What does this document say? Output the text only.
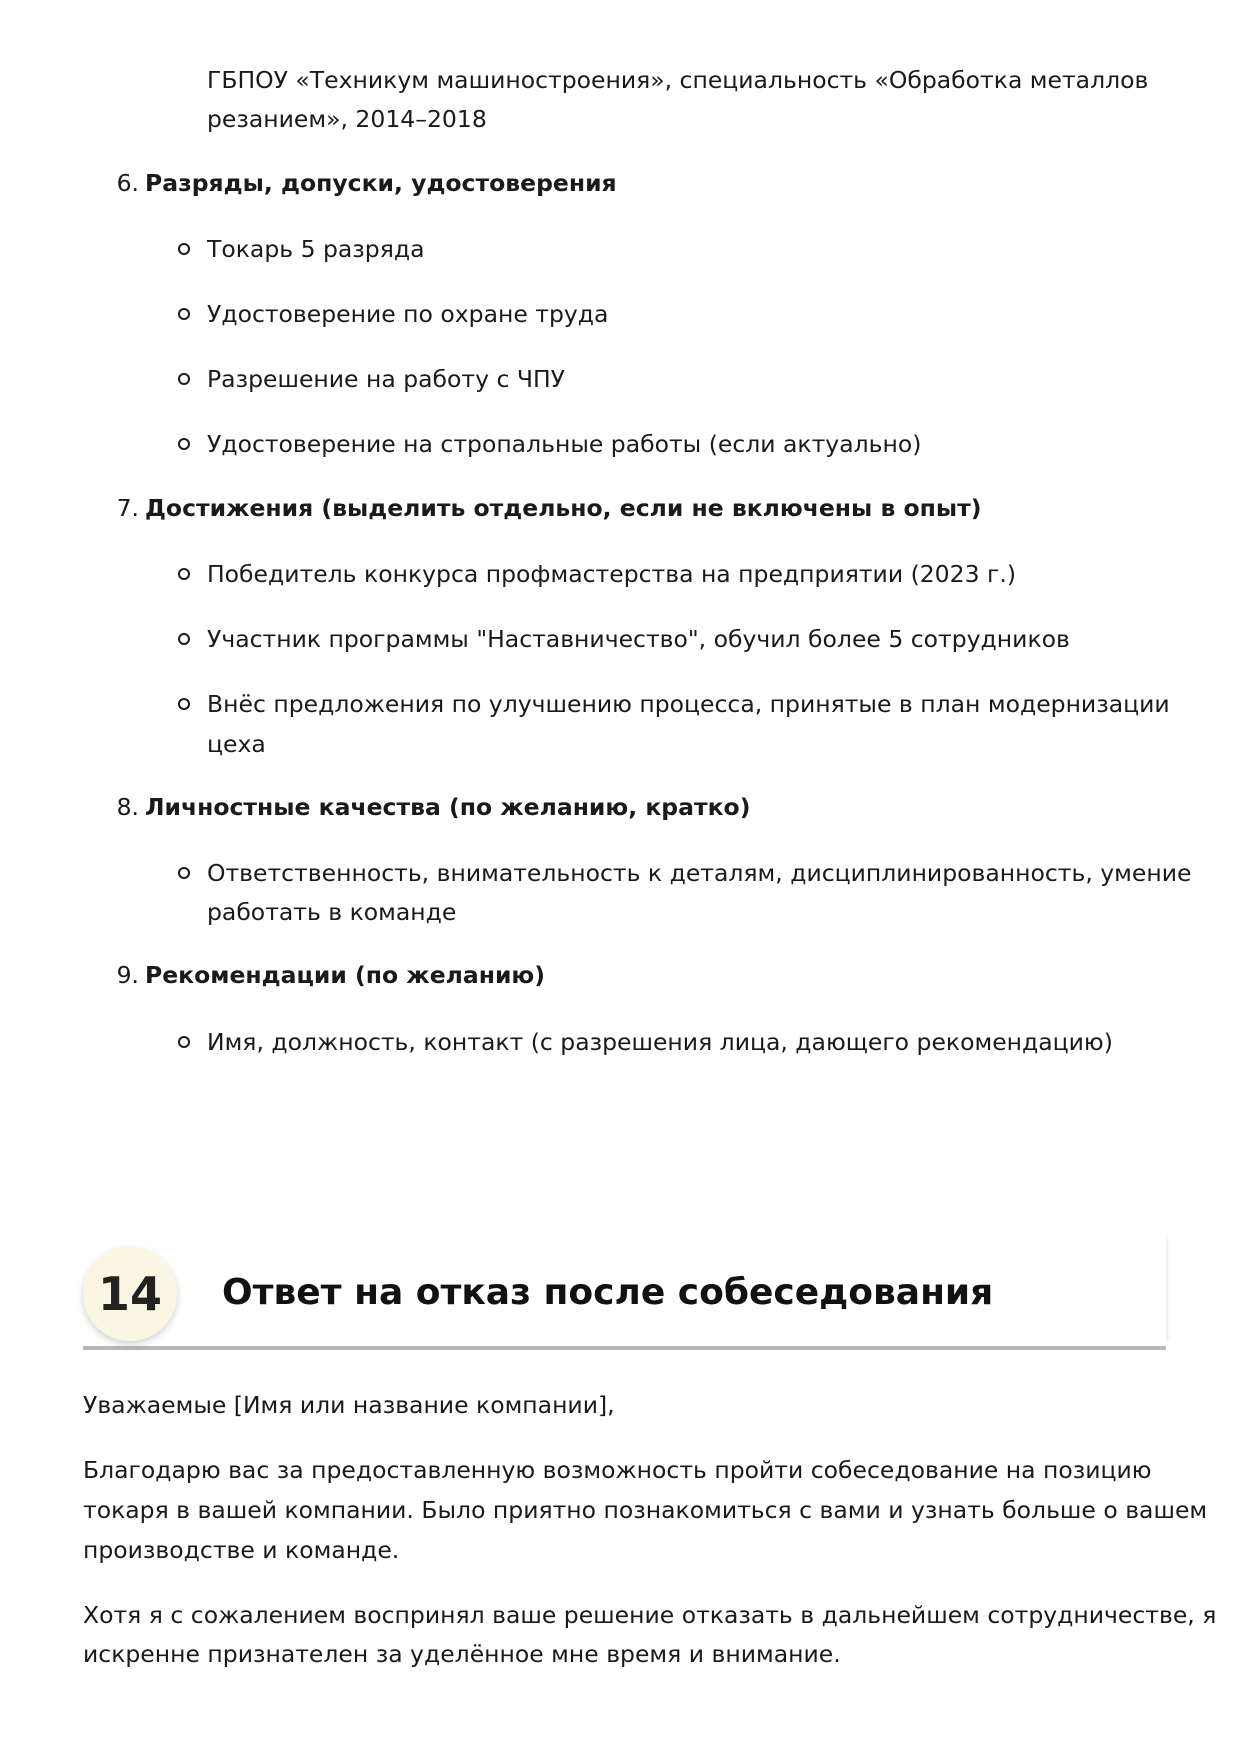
ГБПОУ «Техникум машиностроения», специальность «Обработка металлов
резанием», 2014–2018
6. Разряды, допуски, удостоверения
Токарь 5 разряда
Удостоверение по охране труда
Разрешение на работу с ЧПУ
Удостоверение на стропальные работы (если актуально)
7. Достижения (выделить отдельно, если не включены в опыт)
Победитель конкурса профмастерства на предприятии (2023 г.)
Участник программы "Наставничество", обучил более 5 сотрудников
Внёс предложения по улучшению процесса, принятые в план модернизации
цеха
8. Личностные качества (по желанию, кратко)
Ответственность, внимательность к деталям, дисциплинированность, умение
работать в команде
9. Рекомендации (по желанию)
Имя, должность, контакт (с разрешения лица, дающего рекомендацию)
14	Ответ на отказ после собеседования
Уважаемые [Имя или название компании],
Благодарю вас за предоставленную возможность пройти собеседование на позицию
токаря в вашей компании. Было приятно познакомиться с вами и узнать больше о вашем
производстве и команде.
Хотя я с сожалением воспринял ваше решение отказать в дальнейшем сотрудничестве, я
искренне признателен за уделённое мне время и внимание.
